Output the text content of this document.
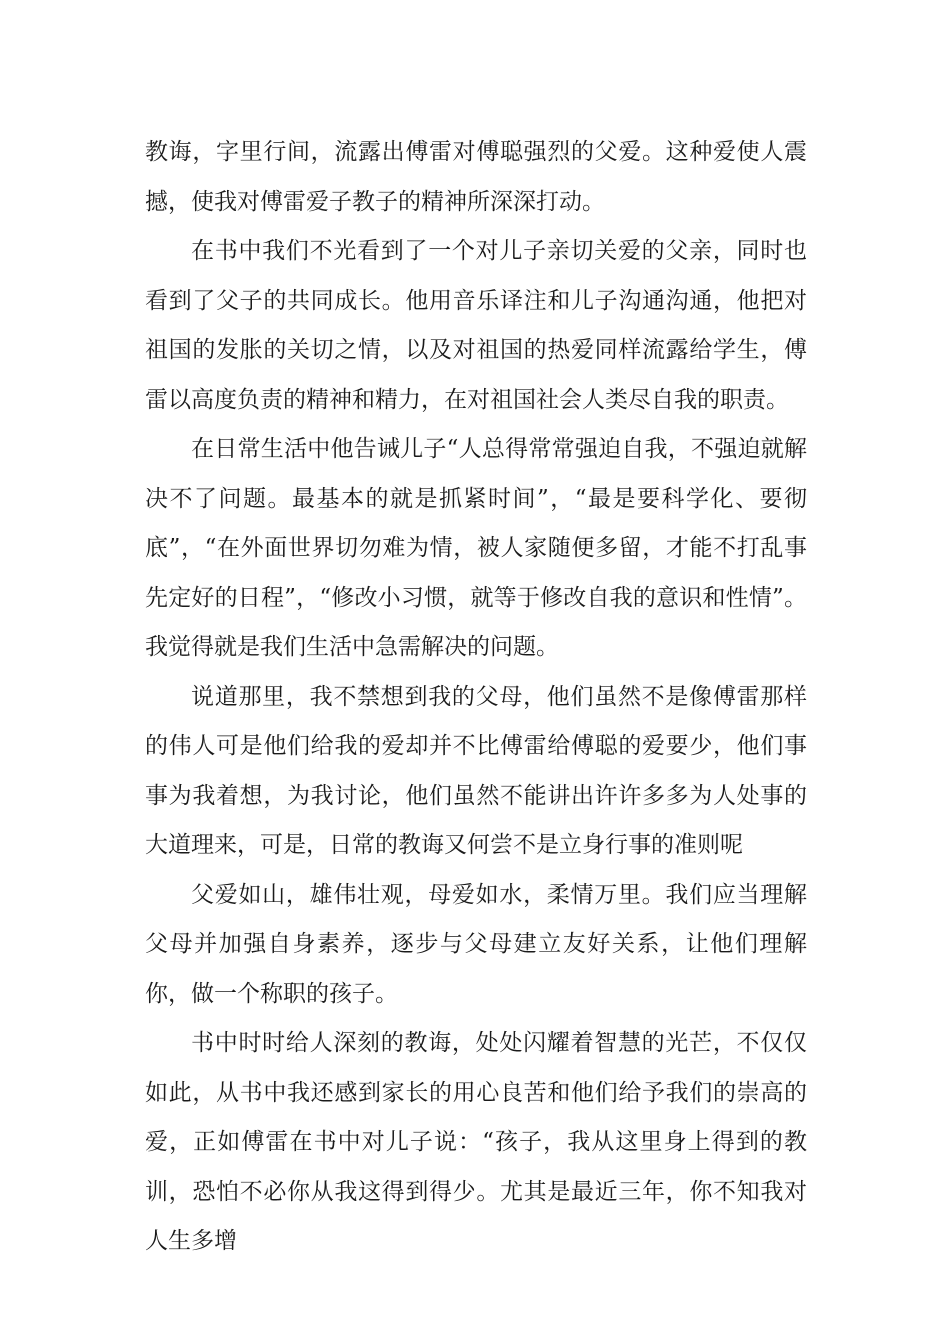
教诲，字里行间，流露出傅雷对傅聪强烈的父爱。这种爱使人震撼，使我对傅雷爱子教子的精神所深深打动。

在书中我们不光看到了一个对儿子亲切关爱的父亲，同时也看到了父子的共同成长。他用音乐译注和儿子沟通沟通，他把对祖国的发胀的关切之情，以及对祖国的热爱同样流露给学生，傅雷以高度负责的精神和精力，在对祖国社会人类尽自我的职责。

在日常生活中他告诫儿子“人总得常常强迫自我，不强迫就解决不了问题。最基本的就是抓紧时间”，“最是要科学化、要彻底”，“在外面世界切勿难为情，被人家随便多留，才能不打乱事先定好的日程”，“修改小习惯，就等于修改自我的意识和性情”。我觉得就是我们生活中急需解决的问题。

说道那里，我不禁想到我的父母，他们虽然不是像傅雷那样的伟人可是他们给我的爱却并不比傅雷给傅聪的爱要少，他们事事为我着想，为我讨论，他们虽然不能讲出许许多多为人处事的大道理来，可是，日常的教诲又何尝不是立身行事的准则呢

父爱如山，雄伟壮观，母爱如水，柔情万里。我们应当理解父母并加强自身素养，逐步与父母建立友好关系，让他们理解你，做一个称职的孩子。

书中时时给人深刻的教诲，处处闪耀着智慧的光芒，不仅仅如此，从书中我还感到家长的用心良苦和他们给予我们的崇高的爱，正如傅雷在书中对儿子说：“孩子，我从这里身上得到的教训，恐怕不必你从我这得到得少。尤其是最近三年，你不知我对人生多增
